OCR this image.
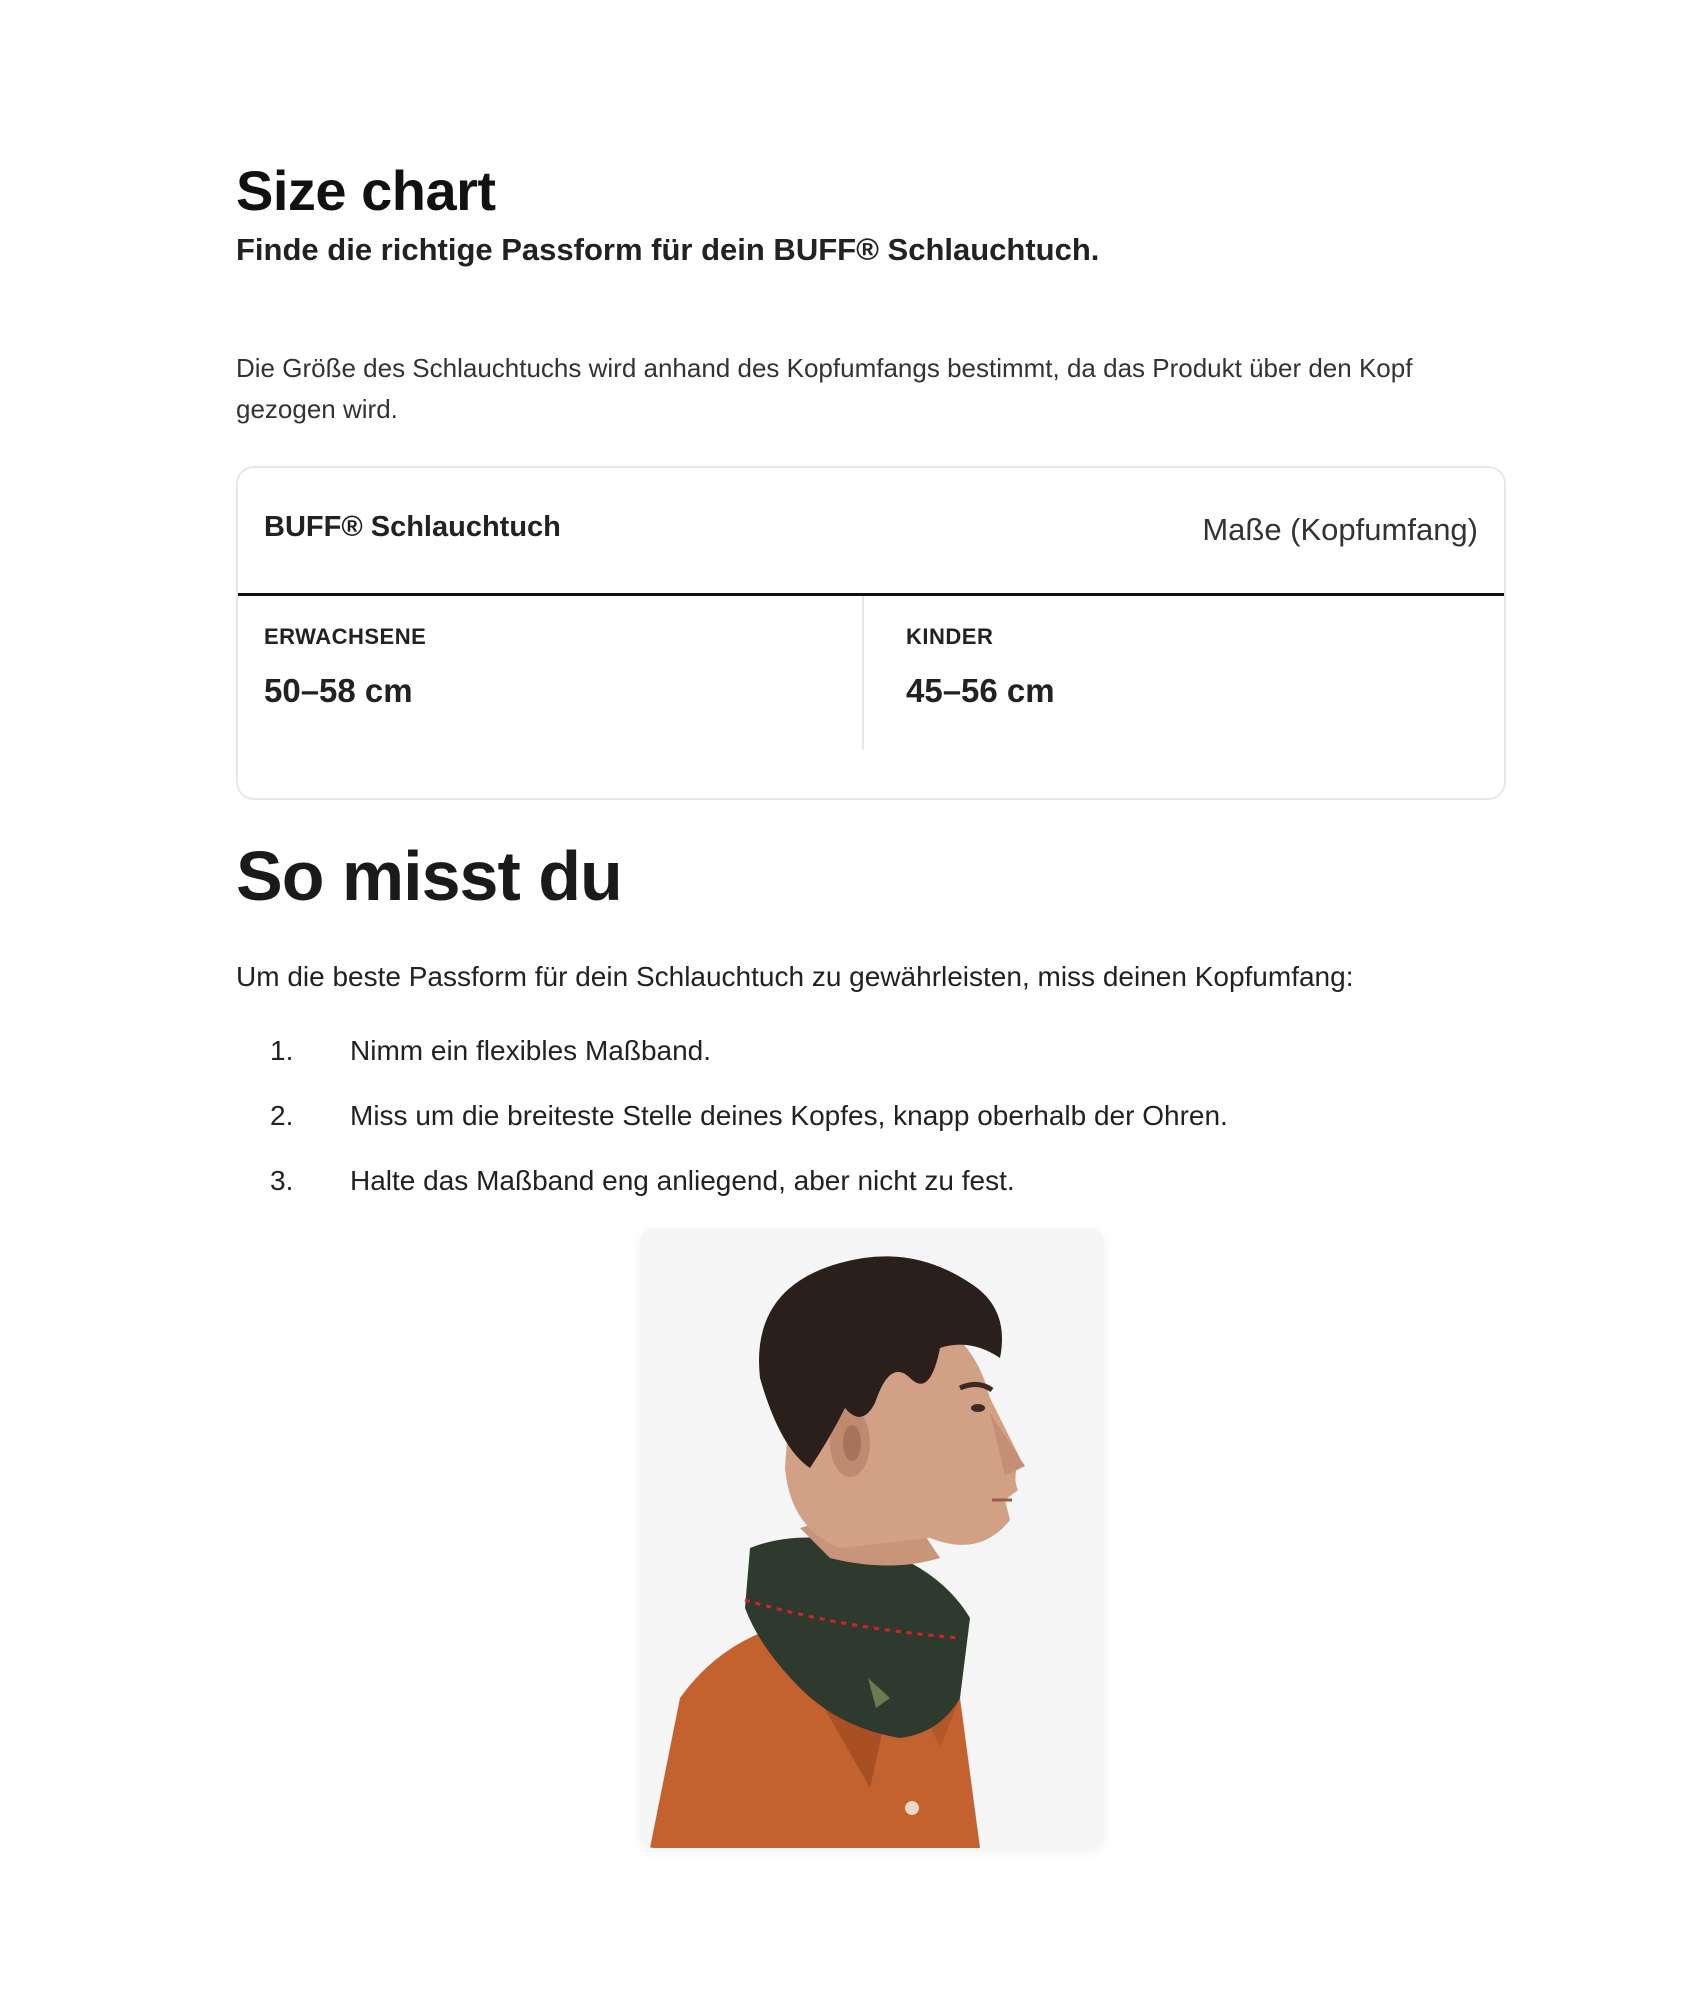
Size chart

Finde die richtige Passform für dein BUFF® Schlauchtuch.

Die Größe des Schlauchtuchs wird anhand des Kopfumfangs bestimmt, da das Produkt über den Kopf gezogen wird.

BUFF® Schlauchtuch	Maße (Kopfumfang)
ERWACHSENE
50–58 cm
KINDER
45–56 cm
So misst du

Um die beste Passform für dein Schlauchtuch zu gewährleisten, miss deinen Kopfumfang:

1.	Nimm ein flexibles Maßband.
2.	Miss um die breiteste Stelle deines Kopfes, knapp oberhalb der Ohren.
3.	Halte das Maßband eng anliegend, aber nicht zu fest.
